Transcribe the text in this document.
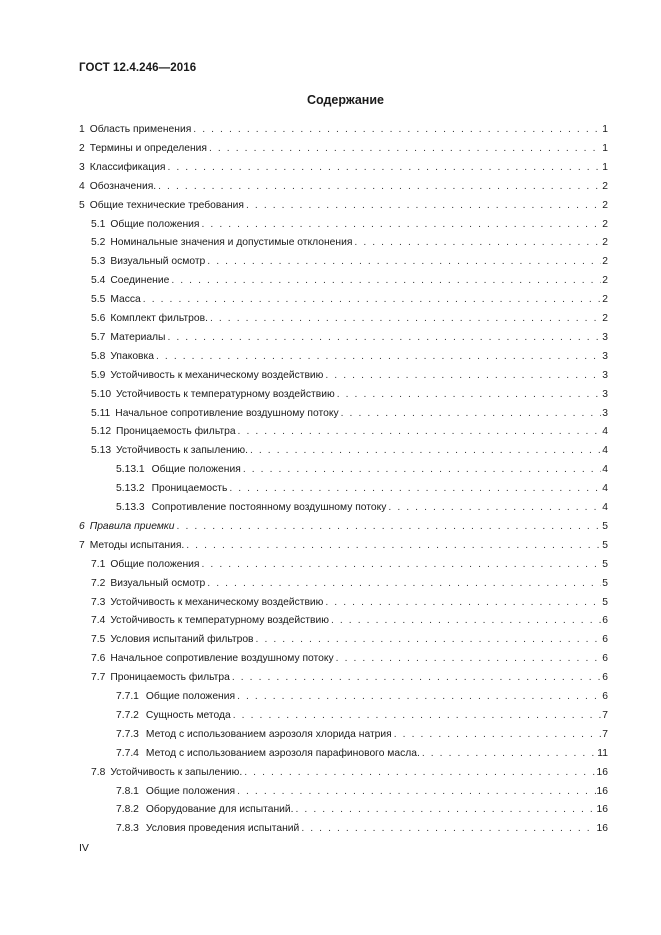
ГОСТ 12.4.246—2016
Содержание
1 Область применения . . .	1
2 Термины и определения . . .	1
3 Классификация . . .	1
4 Обозначения. . . .	2
5 Общие технические требования . . .	2
5.1 Общие положения . . .	2
5.2 Номинальные значения и допустимые отклонения . . .	2
5.3 Визуальный осмотр . . .	2
5.4 Соединение . . .	2
5.5 Масса . . .	2
5.6 Комплект фильтров. . . .	2
5.7 Материалы . . .	3
5.8 Упаковка . . .	3
5.9 Устойчивость к механическому воздействию . . .	3
5.10 Устойчивость к температурному воздействию . . .	3
5.11 Начальное сопротивление воздушному потоку . . .	3
5.12 Проницаемость фильтра . . .	4
5.13 Устойчивость к запылению. . . .	4
5.13.1 Общие положения . . .	4
5.13.2 Проницаемость . . .	4
5.13.3 Сопротивление постоянному воздушному потоку . . .	4
6 Правила приемки . . .	5
7 Методы испытания. . . .	5
7.1 Общие положения . . .	5
7.2 Визуальный осмотр . . .	5
7.3 Устойчивость к механическому воздействию . . .	5
7.4 Устойчивость к температурному воздействию . . .	6
7.5 Условия испытаний фильтров . . .	6
7.6 Начальное сопротивление воздушному потоку . . .	6
7.7 Проницаемость фильтра . . .	6
7.7.1 Общие положения . . .	6
7.7.2 Сущность метода . . .	7
7.7.3 Метод с использованием аэрозоля хлорида натрия . . .	7
7.7.4 Метод с использованием аэрозоля парафинового масла. . . .	11
7.8 Устойчивость к запылению. . . .	16
7.8.1 Общие положения . . .	16
7.8.2 Оборудование для испытаний. . . .	16
7.8.3 Условия проведения испытаний . . .	16
IV
